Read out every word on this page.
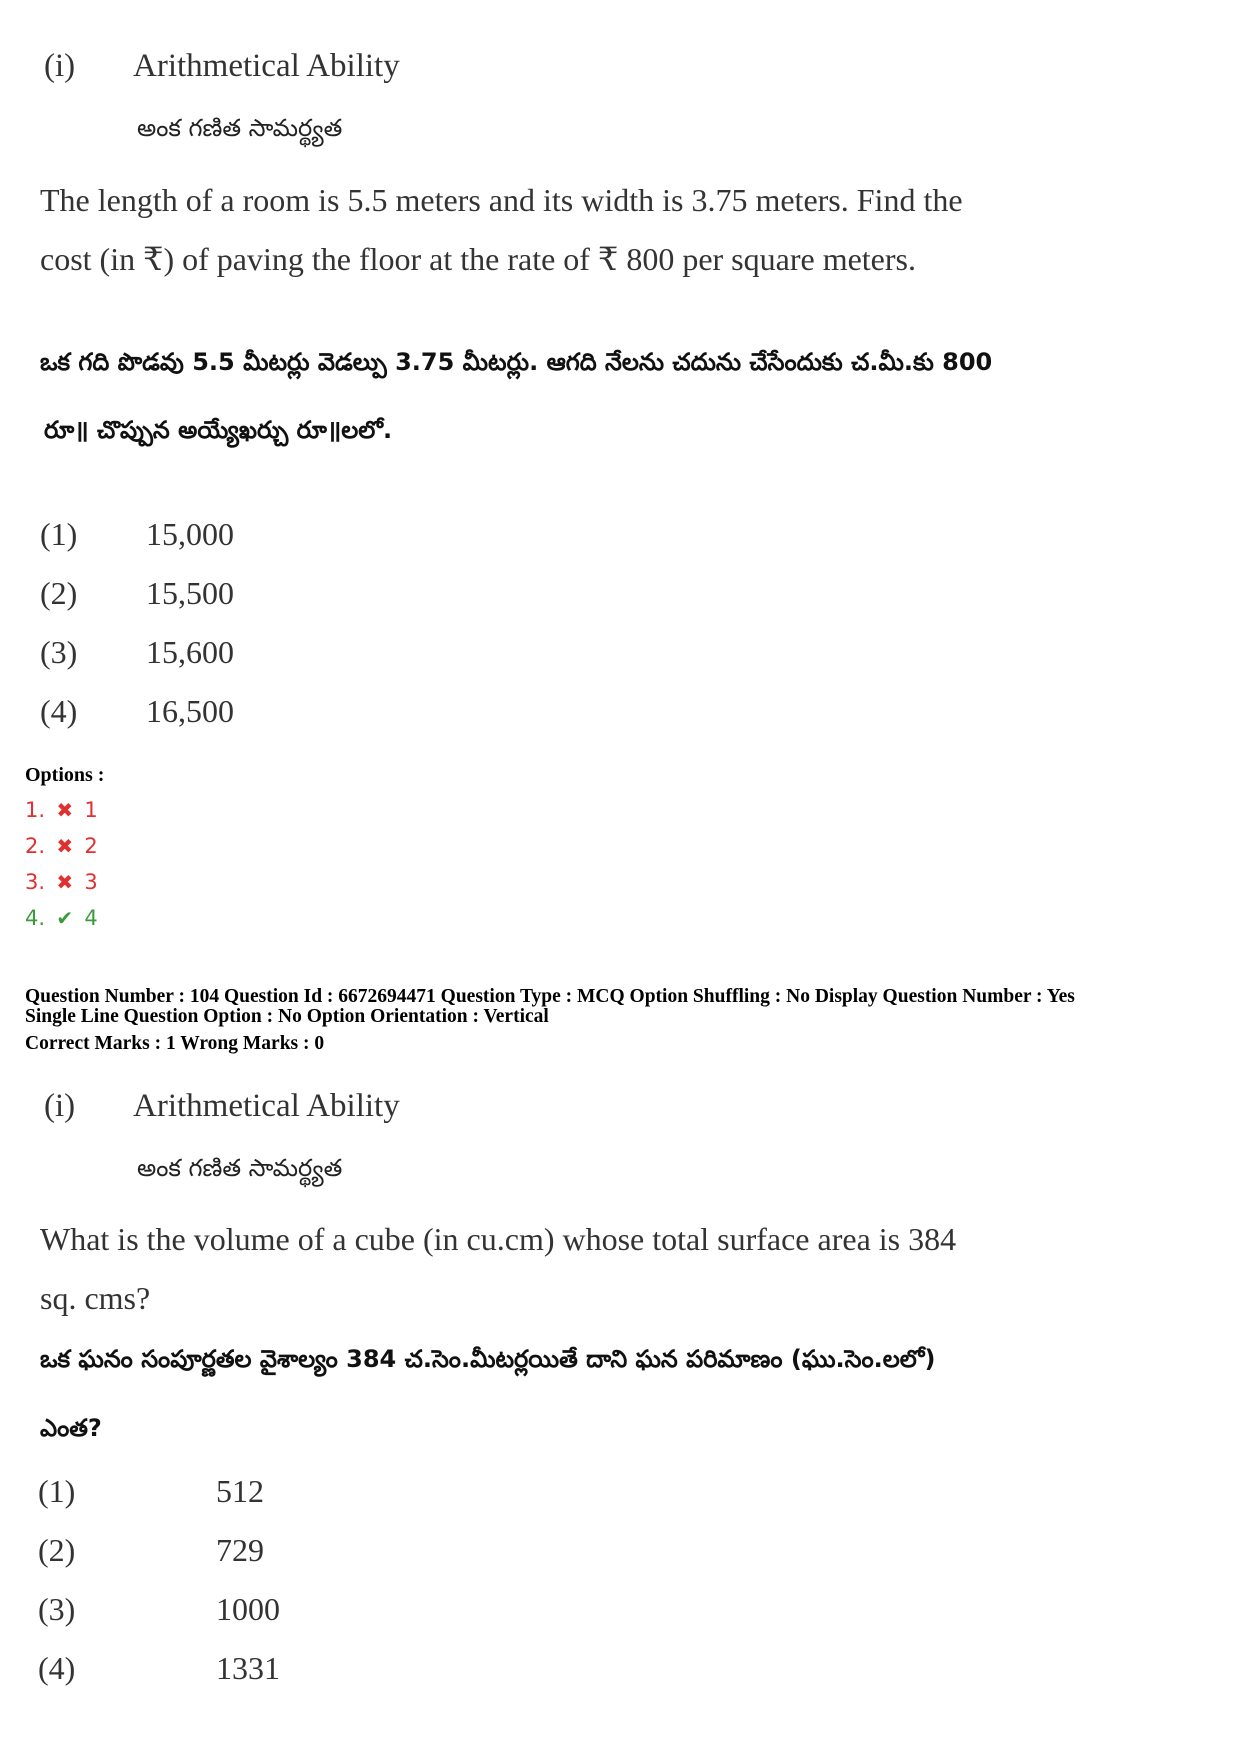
(i) Arithmetical Ability
అంక గణిత సామర్థ్యత
The length of a room is 5.5 meters and its width is 3.75 meters. Find the
cost (in ₹) of paving the floor at the rate of ₹ 800 per square meters.
ఒక గది పొడవు 5.5 మీటర్లు వెడల్పు 3.75 మీటర్లు. ఆగది నేలను చదును చేసేందుకు చ.మీ.కు 800
రూ॥ చొప్పున అయ్యేఖర్చు రూ॥లలో.
(1) 15,000
(2) 15,500
(3) 15,600
(4) 16,500
Options :
1. ✖ 1
2. ✖ 2
3. ✖ 3
4. ✔ 4
Question Number : 104 Question Id : 6672694471 Question Type : MCQ Option Shuffling : No Display Question Number : Yes
Single Line Question Option : No Option Orientation : Vertical
Correct Marks : 1 Wrong Marks : 0
(i) Arithmetical Ability
అంక గణిత సామర్థ్యత
What is the volume of a cube (in cu.cm) whose total surface area is 384
sq. cms?
ఒక ఘనం సంపూర్ణతల వైశాల్యం 384 చ.సెం.మీటర్లయితే దాని ఘన పరిమాణం (ఘు.సెం.లలో)
ఎంత?
(1)	512
(2)	729
(3)	1000
(4)	1331
